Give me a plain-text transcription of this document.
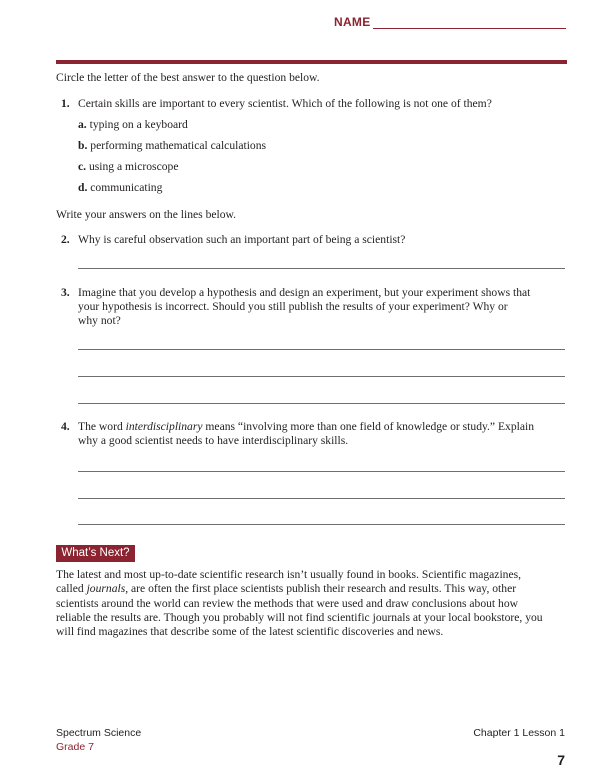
NAME

Circle the letter of the best answer to the question below.

1. Certain skills are important to every scientist. Which of the following is not one of them?
a. typing on a keyboard
b. performing mathematical calculations
c. using a microscope
d. communicating

Write your answers on the lines below.

2. Why is careful observation such an important part of being a scientist?
3. Imagine that you develop a hypothesis and design an experiment, but your experiment shows that
your hypothesis is incorrect. Should you still publish the results of your experiment? Why or
why not?
4. The word interdisciplinary means “involving more than one field of knowledge or study.” Explain
why a good scientist needs to have interdisciplinary skills.
What’s Next?
The latest and most up-to-date scientific research isn’t usually found in books. Scientific magazines,
called journals, are often the first place scientists publish their research and results. This way, other
scientists around the world can review the methods that were used and draw conclusions about how
reliable the results are. Though you probably will not find scientific journals at your local bookstore, you
will find magazines that describe some of the latest scientific discoveries and news.
Spectrum Science
Grade 7
Chapter 1 Lesson 1
7
